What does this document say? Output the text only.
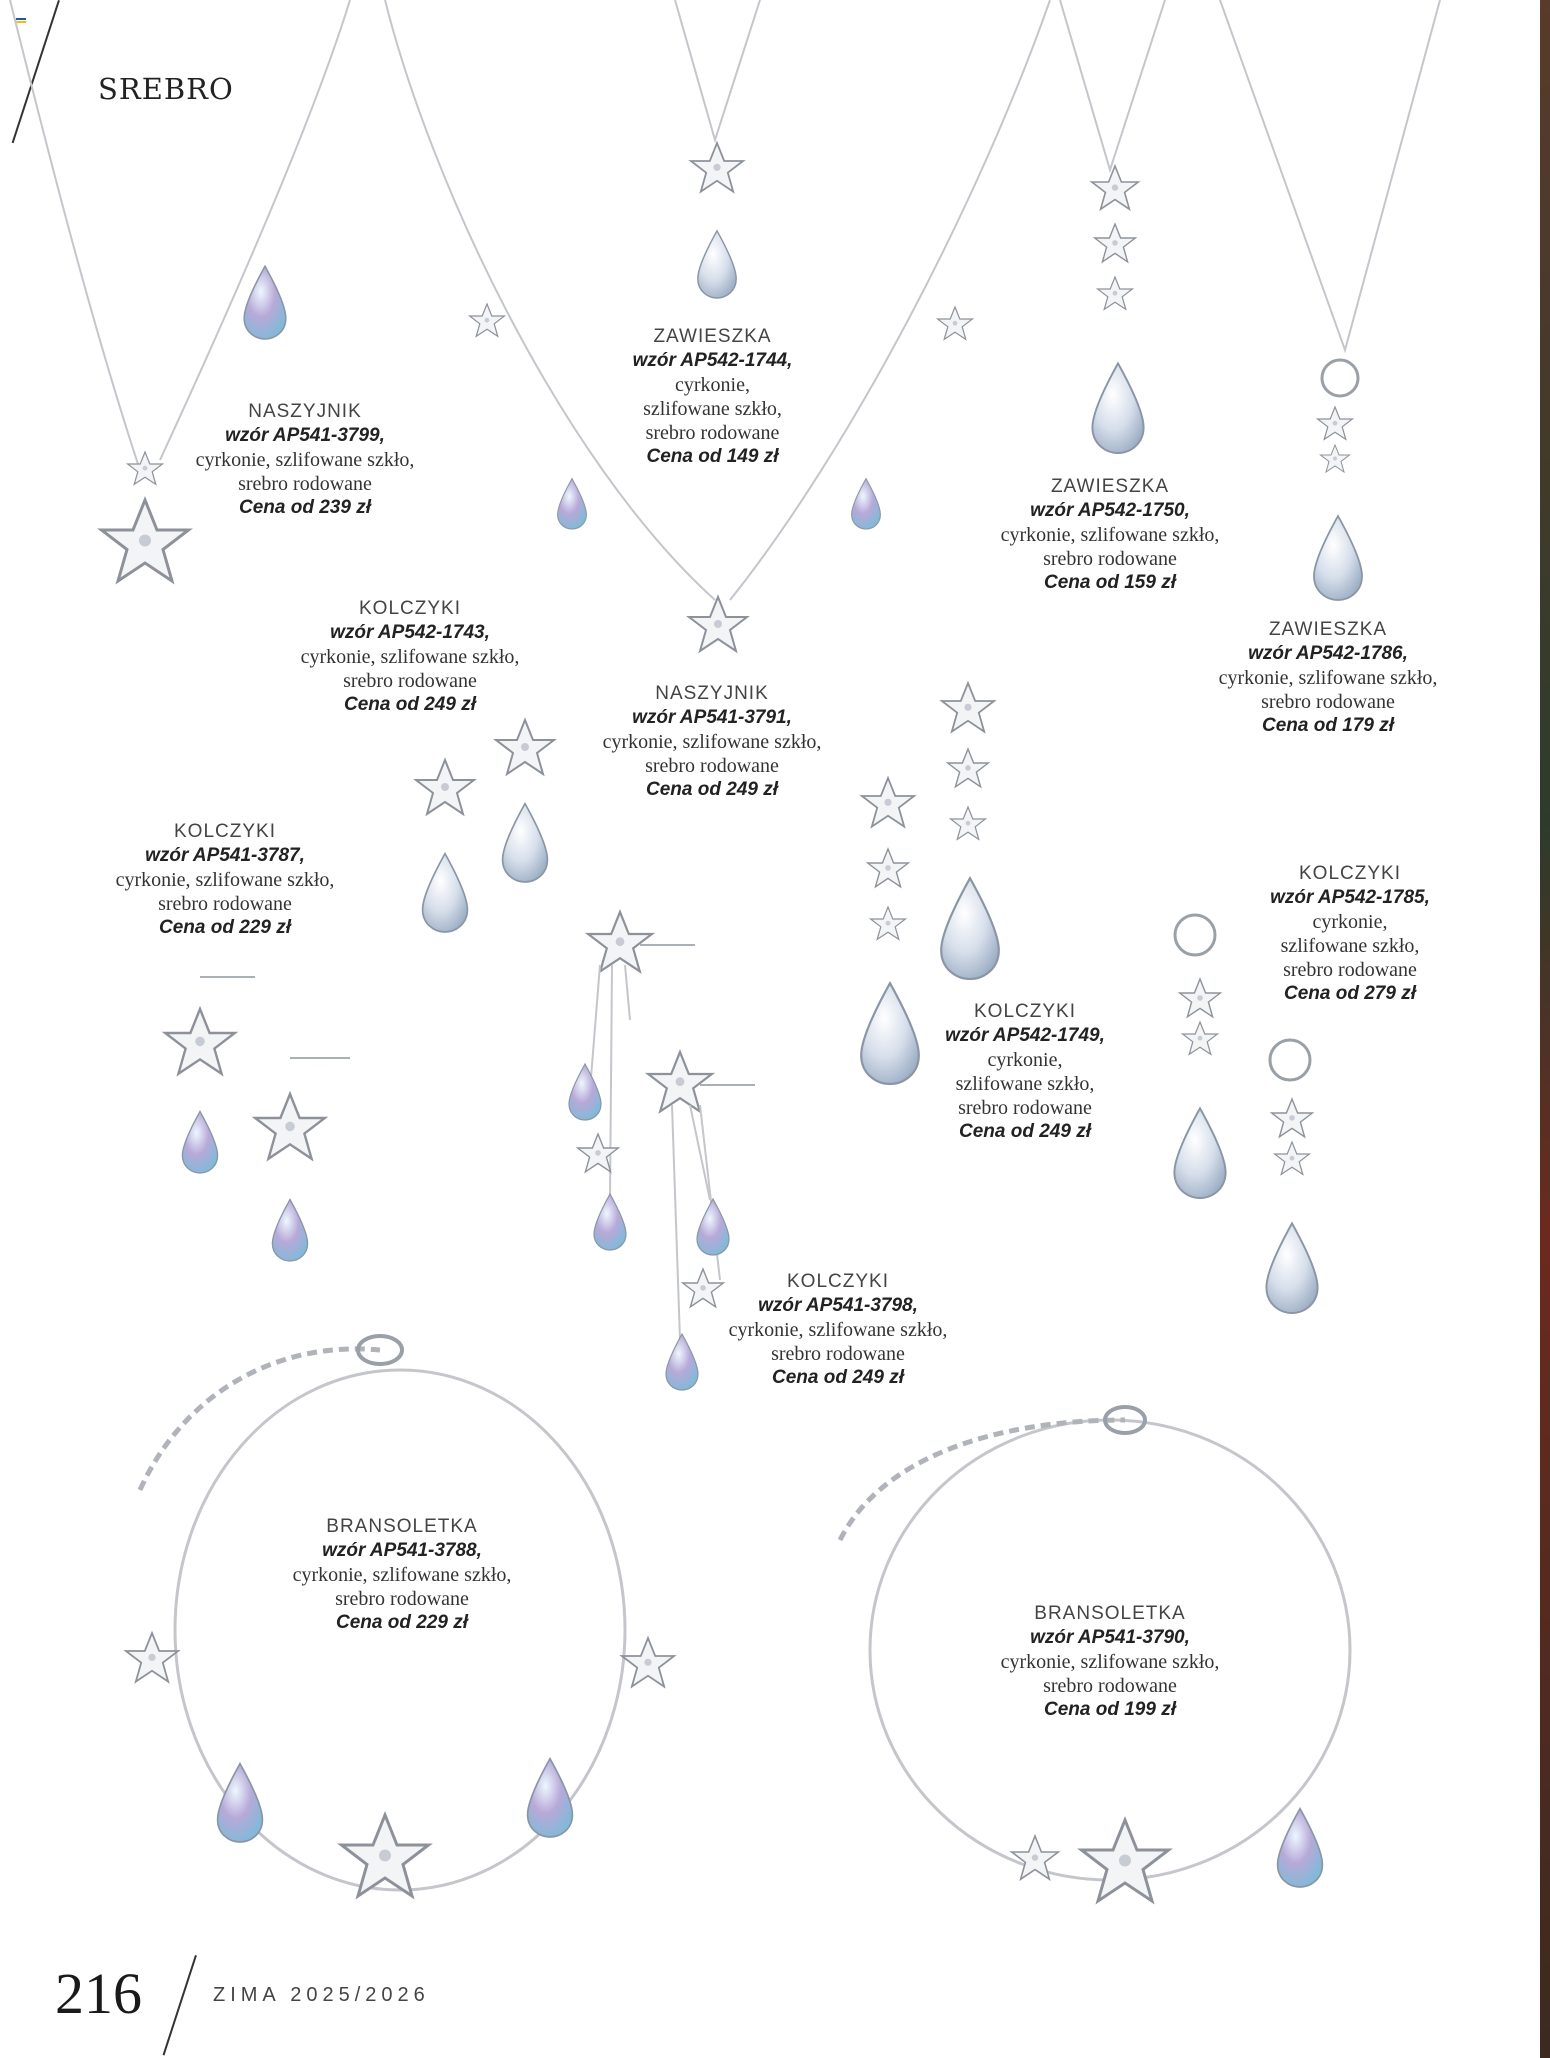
SREBRO
NASZYJNIK
wzór AP541-3799,
cyrkonie, szlifowane szkło,
srebro rodowane
Cena od 239 zł
ZAWIESZKA
wzór AP542-1744,
cyrkonie,
szlifowane szkło,
srebro rodowane
Cena od 149 zł
ZAWIESZKA
wzór AP542-1750,
cyrkonie, szlifowane szkło,
srebro rodowane
Cena od 159 zł
ZAWIESZKA
wzór AP542-1786,
cyrkonie, szlifowane szkło,
srebro rodowane
Cena od 179 zł
KOLCZYKI
wzór AP542-1743,
cyrkonie, szlifowane szkło,
srebro rodowane
Cena od 249 zł
NASZYJNIK
wzór AP541-3791,
cyrkonie, szlifowane szkło,
srebro rodowane
Cena od 249 zł
KOLCZYKI
wzór AP541-3787,
cyrkonie, szlifowane szkło,
srebro rodowane
Cena od 229 zł
KOLCZYKI
wzór AP542-1785,
cyrkonie,
szlifowane szkło,
srebro rodowane
Cena od 279 zł
KOLCZYKI
wzór AP542-1749,
cyrkonie,
szlifowane szkło,
srebro rodowane
Cena od 249 zł
KOLCZYKI
wzór AP541-3798,
cyrkonie, szlifowane szkło,
srebro rodowane
Cena od 249 zł
BRANSOLETKA
wzór AP541-3788,
cyrkonie, szlifowane szkło,
srebro rodowane
Cena od 229 zł	BRANSOLETKA
wzór AP541-3790,
cyrkonie, szlifowane szkło,
srebro rodowane
Cena od 199 zł
216	ZIMA 2025/2026
